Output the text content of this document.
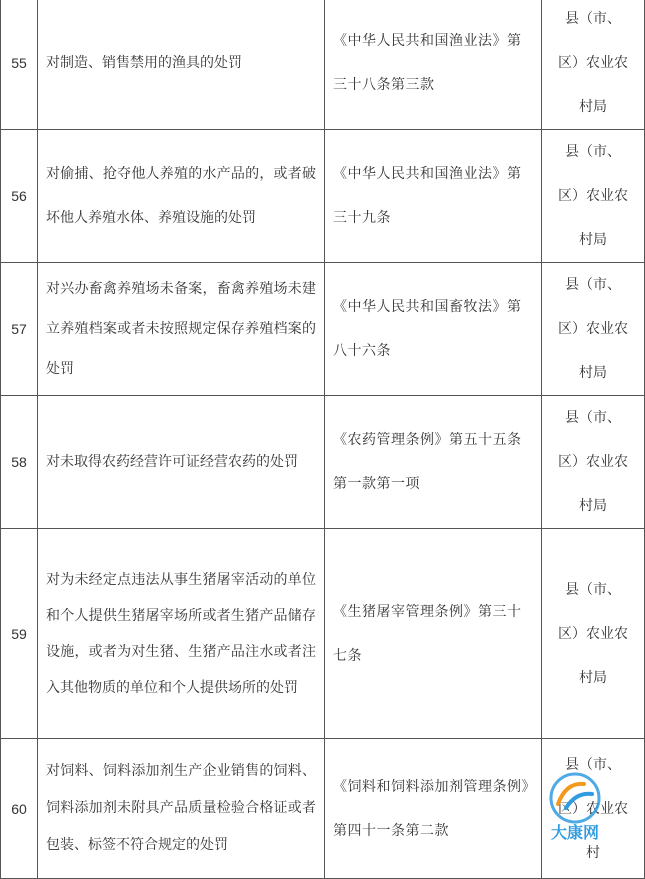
55	对制造、销售禁用的渔具的处罚	《中华人民共和国渔业法》第三十八条第三款	县（市、
区）农业农
村局

56	对偷捕、抢夺他人养殖的水产品的，或者破坏他人养殖水体、养殖设施的处罚	《中华人民共和国渔业法》第三十九条	县（市、
区）农业农
村局

57	对兴办畜禽养殖场未备案，畜禽养殖场未建立养殖档案或者未按照规定保存养殖档案的处罚	《中华人民共和国畜牧法》第八十六条	县（市、
区）农业农
村局

58	对未取得农药经营许可证经营农药的处罚	《农药管理条例》第五十五条第一款第一项	县（市、
区）农业农
村局

59	对为未经定点违法从事生猪屠宰活动的单位和个人提供生猪屠宰场所或者生猪产品储存设施，或者为对生猪、生猪产品注水或者注入其他物质的单位和个人提供场所的处罚	《生猪屠宰管理条例》第三十七条	县（市、
区）农业农
村局

60	对饲料、饲料添加剂生产企业销售的饲料、饲料添加剂未附具产品质量检验合格证或者包装、标签不符合规定的处罚	《饲料和饲料添加剂管理条例》第四十一条第二款	县（市、
区）农业农
村
大康网
